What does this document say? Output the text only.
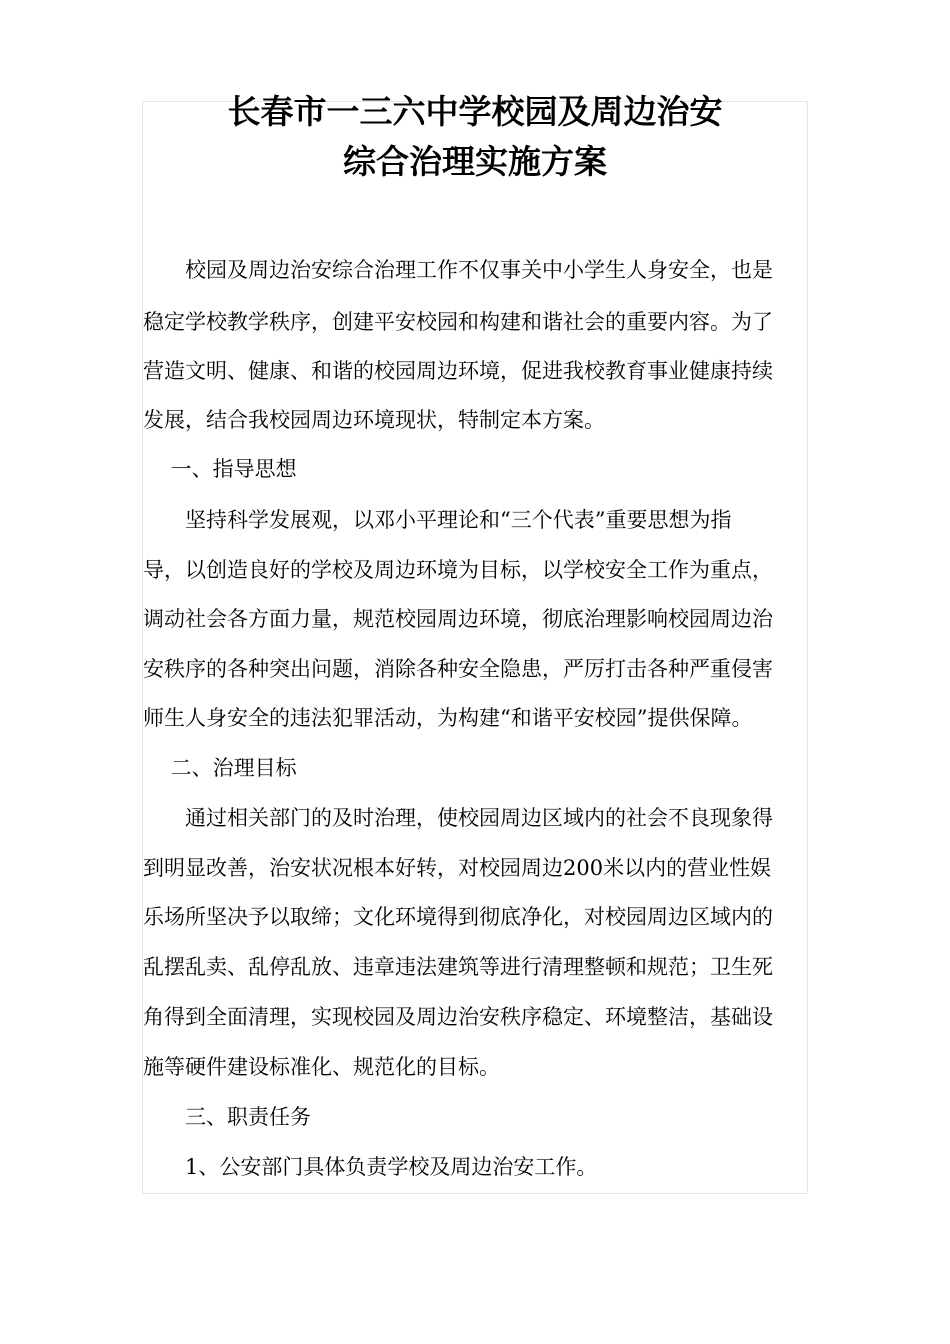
长春市一三六中学校园及周边治安
综合治理实施方案

　　校园及周边治安综合治理工作不仅事关中小学生人身安全，也是

稳定学校教学秩序，创建平安校园和构建和谐社会的重要内容。为了

营造文明、健康、和谐的校园周边环境，促进我校教育事业健康持续

发展，结合我校园周边环境现状，特制定本方案。

　 一、指导思想

　　坚持科学发展观，以邓小平理论和“三个代表”重要思想为指

导，以创造良好的学校及周边环境为目标，以学校安全工作为重点，

调动社会各方面力量，规范校园周边环境，彻底治理影响校园周边治

安秩序的各种突出问题，消除各种安全隐患，严厉打击各种严重侵害

师生人身安全的违法犯罪活动，为构建“和谐平安校园”提供保障。

　 二、治理目标

　　通过相关部门的及时治理，使校园周边区域内的社会不良现象得

到明显改善，治安状况根本好转，对校园周边200米以内的营业性娱

乐场所坚决予以取缔；文化环境得到彻底净化，对校园周边区域内的

乱摆乱卖、乱停乱放、违章违法建筑等进行清理整顿和规范；卫生死

角得到全面清理，实现校园及周边治安秩序稳定、环境整洁，基础设

施等硬件建设标准化、规范化的目标。

　　三、职责任务

　　1、公安部门具体负责学校及周边治安工作。
